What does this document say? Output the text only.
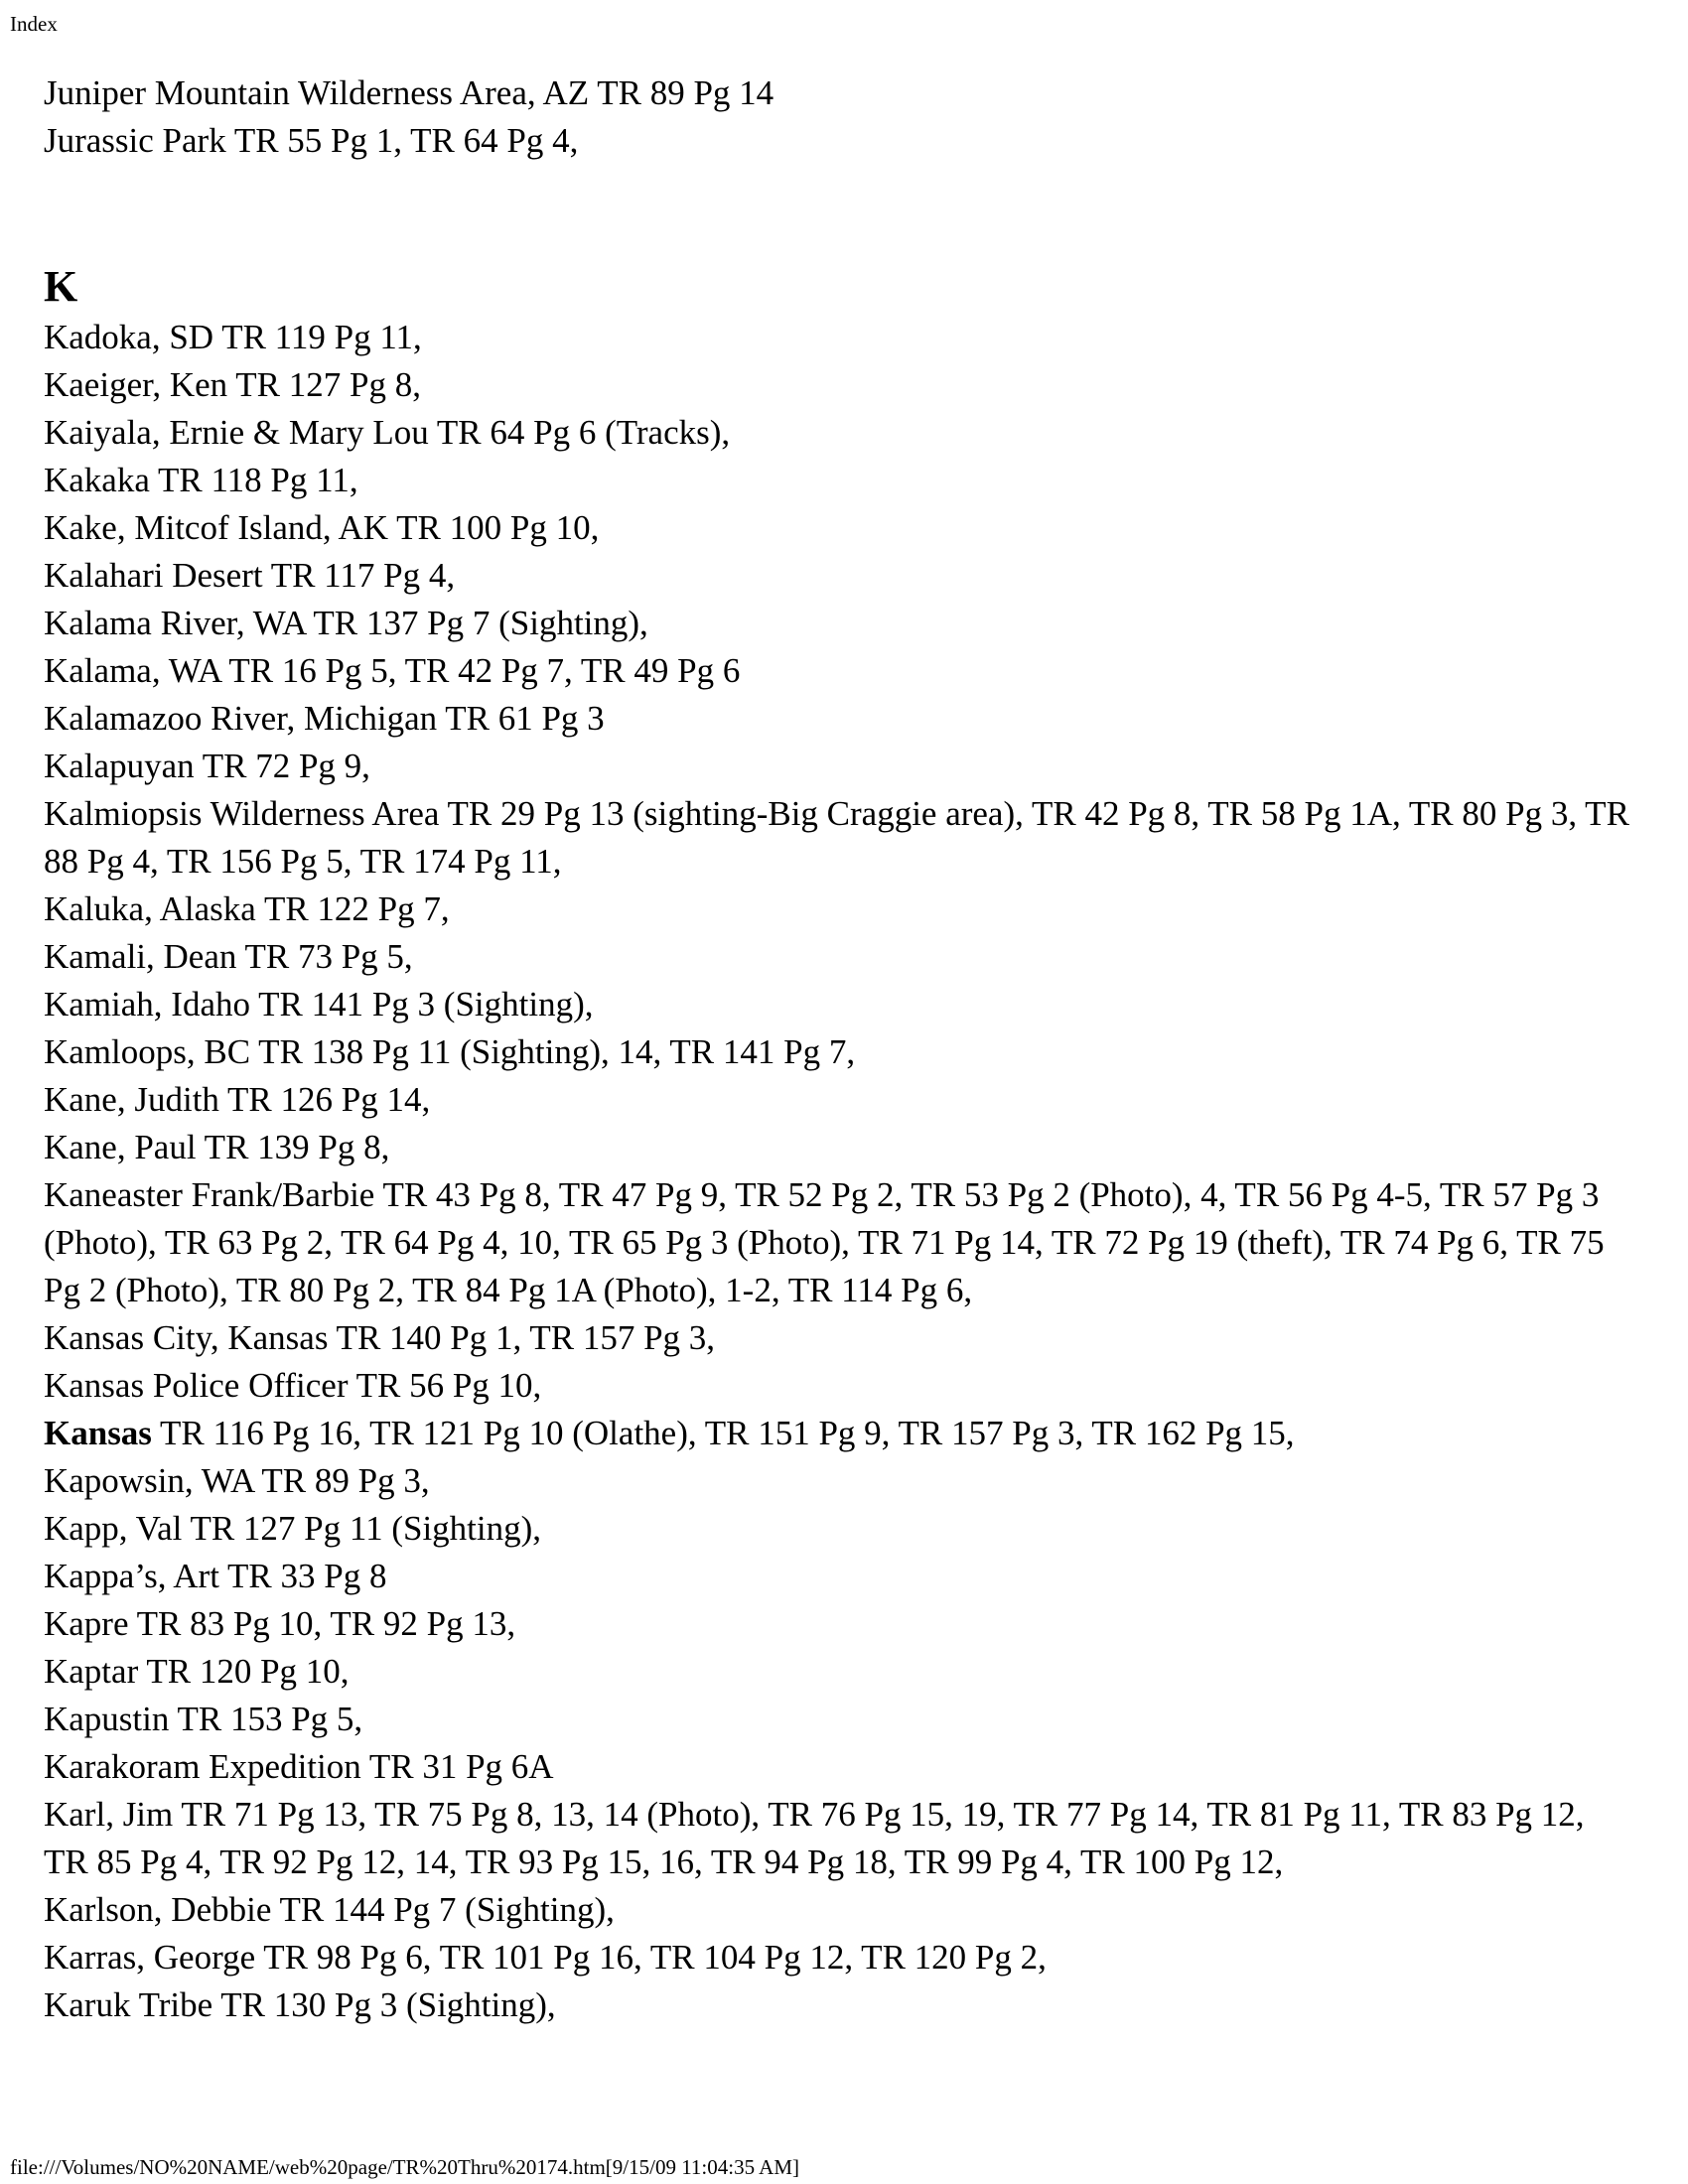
Index

Juniper Mountain Wilderness Area, AZ TR 89 Pg 14

Jurassic Park TR 55 Pg 1, TR 64 Pg 4,

K

Kadoka, SD TR 119 Pg 11,

Kaeiger, Ken TR 127 Pg 8,

Kaiyala, Ernie & Mary Lou TR 64 Pg 6 (Tracks),

Kakaka TR 118 Pg 11,

Kake, Mitcof Island, AK TR 100 Pg 10,

Kalahari Desert TR 117 Pg 4,

Kalama River, WA TR 137 Pg 7 (Sighting),

Kalama, WA TR 16 Pg 5, TR 42 Pg 7, TR 49 Pg 6

Kalamazoo River, Michigan TR 61 Pg 3

Kalapuyan TR 72 Pg 9,

Kalmiopsis Wilderness Area TR 29 Pg 13 (sighting-Big Craggie area), TR 42 Pg 8, TR 58 Pg 1A, TR 80 Pg 3, TR 88 Pg 4, TR 156 Pg 5, TR 174 Pg 11,

Kaluka, Alaska TR 122 Pg 7,

Kamali, Dean TR 73 Pg 5,

Kamiah, Idaho TR 141 Pg 3 (Sighting),

Kamloops, BC TR 138 Pg 11 (Sighting), 14, TR 141 Pg 7,

Kane, Judith TR 126 Pg 14,

Kane, Paul TR 139 Pg 8,

Kaneaster Frank/Barbie TR 43 Pg 8, TR 47 Pg 9, TR 52 Pg 2, TR 53 Pg 2 (Photo), 4, TR 56 Pg 4-5, TR 57 Pg 3 (Photo), TR 63 Pg 2, TR 64 Pg 4, 10, TR 65 Pg 3 (Photo), TR 71 Pg 14, TR 72 Pg 19 (theft), TR 74 Pg 6, TR 75 Pg 2 (Photo), TR 80 Pg 2, TR 84 Pg 1A (Photo), 1-2, TR 114 Pg 6,

Kansas City, Kansas TR 140 Pg 1, TR 157 Pg 3,

Kansas Police Officer TR 56 Pg 10,

Kansas TR 116 Pg 16, TR 121 Pg 10 (Olathe), TR 151 Pg 9, TR 157 Pg 3, TR 162 Pg 15,

Kapowsin, WA TR 89 Pg 3,

Kapp, Val TR 127 Pg 11 (Sighting),

Kappa’s, Art TR 33 Pg 8

Kapre TR 83 Pg 10, TR 92 Pg 13,

Kaptar TR 120 Pg 10,

Kapustin TR 153 Pg 5,

Karakoram Expedition TR 31 Pg 6A

Karl, Jim TR 71 Pg 13, TR 75 Pg 8, 13, 14 (Photo), TR 76 Pg 15, 19, TR 77 Pg 14, TR 81 Pg 11, TR 83 Pg 12, TR 85 Pg 4, TR 92 Pg 12, 14, TR 93 Pg 15, 16, TR 94 Pg 18, TR 99 Pg 4, TR 100 Pg 12,

Karlson, Debbie TR 144 Pg 7 (Sighting),

Karras, George TR 98 Pg 6, TR 101 Pg 16, TR 104 Pg 12, TR 120 Pg 2,

Karuk Tribe TR 130 Pg 3 (Sighting),

file:///Volumes/NO%20NAME/web%20page/TR%20Thru%20174.htm[9/15/09 11:04:35 AM]
